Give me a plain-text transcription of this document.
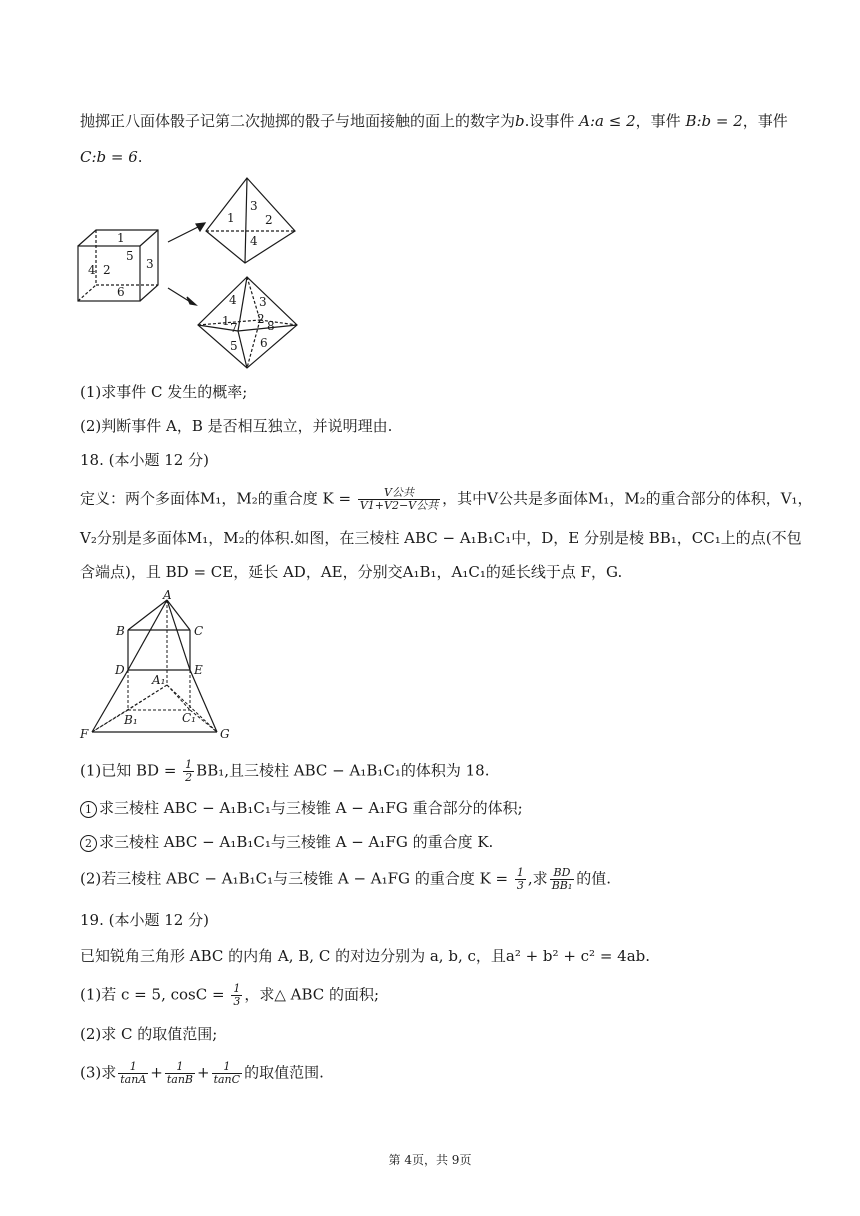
抛掷正八面体骰子记第二次抛掷的骰子与地面接触的面上的数字为b.设事件 A:a ≤ 2，事件 B:b = 2，事件
C:b = 6.
1
2	3
4
5
6
1	2
3
4
1 2
3
4
5 6
7 8
(1)求事件 C 发生的概率;
(2)判断事件 A，B 是否相互独立，并说明理由.
18. (本小题 12 分)
定义：两个多面体M₁，M₂的重合度 $K = \frac{\text{V公共}}{\text{V1+V2−V公共}}$ ，其中V公共是多面体M₁，M₂的重合部分的体积，V₁，
V₂分别是多面体M₁，M₂的体积.如图，在三棱柱 ABC − A₁B₁C₁中，D，E 分别是棱 BB₁，CC₁上的点(不包
含端点)，且 BD = CE，延长 AD，AE，分别交A₁B₁，A₁C₁的延长线于点 F，G.
A
B	C
D	E
A₁
B₁	C₁
F	G
(1)已知 BD = $\frac{1}{2} BB_1$,且三棱柱 ABC − A₁B₁C₁的体积为 18.
1 求三棱柱 ABC − A₁B₁C₁与三棱锥 A − A₁FG 重合部分的体积;
2 求三棱柱 ABC − A₁B₁C₁与三棱锥 A − A₁FG 的重合度 K.
(2)若三棱柱 ABC − A₁B₁C₁与三棱锥 A − A₁FG 的重合度 $K = \frac{1}{3}$ ,求 $\frac{BD}{\text{BB₁}}$ 的值.
19. (本小题 12 分)
已知锐角三角形 ABC 的内角 A, B, C 的对边分别为 a, b, c，且a² + b² + c² = 4ab.
(1)若 c = 5, $\cos C = \frac{1}{3}$ ，求△ ABC 的面积;
(2)求 C 的取值范围;
(3)求 $\frac{1}{\tan A} + \frac{1}{\tan B} + \frac{1}{\tan C}$ 的取值范围.
第 4页，共 9页
